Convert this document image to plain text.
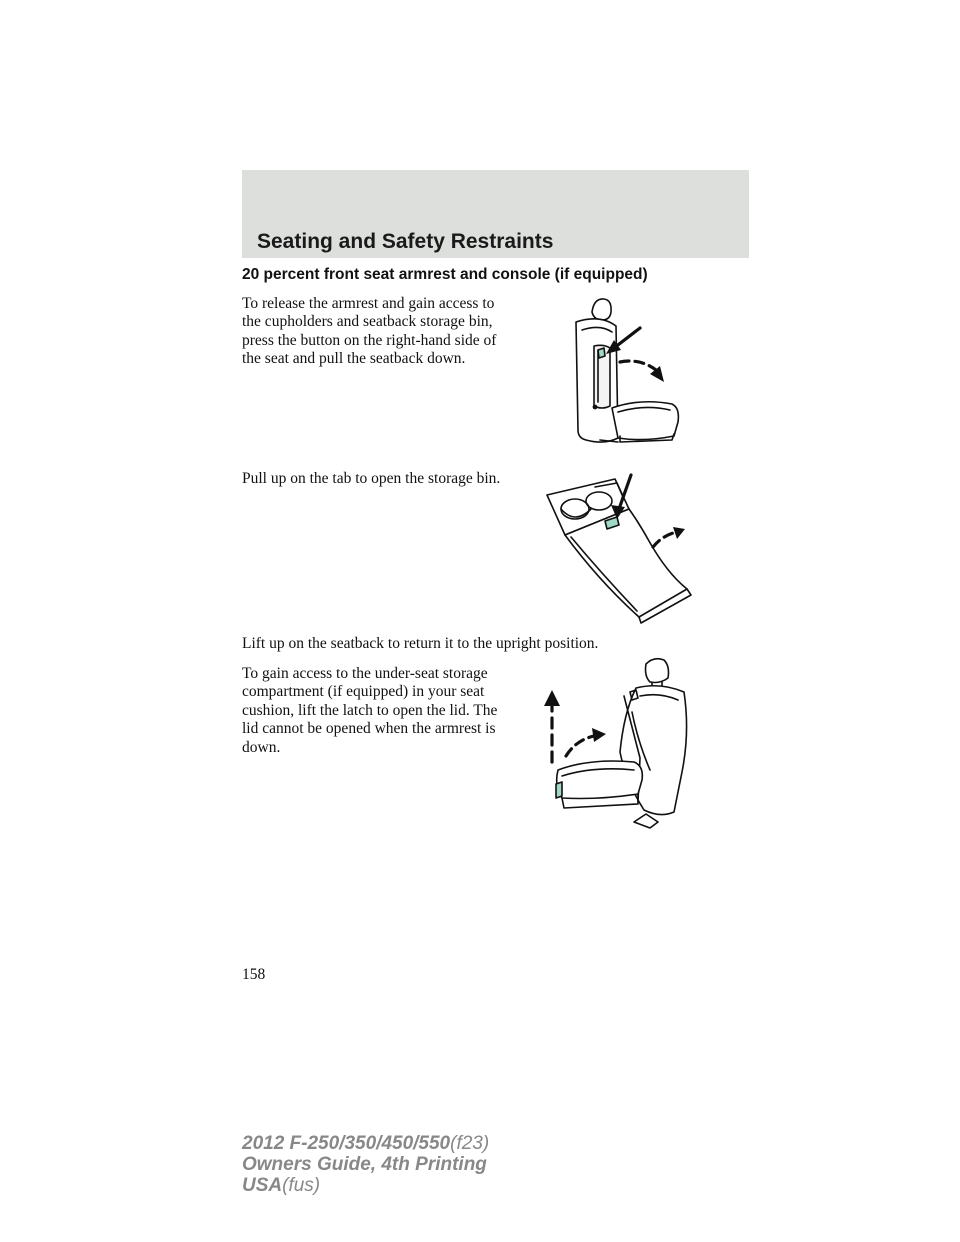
Seating and Safety Restraints
20 percent front seat armrest and console (if equipped)
To release the armrest and gain access to the cupholders and seatback storage bin, press the button on the right-hand side of the seat and pull the seatback down.
Pull up on the tab to open the storage bin.
Lift up on the seatback to return it to the upright position.
To gain access to the under-seat storage compartment (if equipped) in your seat cushion, lift the latch to open the lid. The lid cannot be opened when the armrest is down.
158
2012 F-250/350/450/550(f23)
Owners Guide, 4th Printing
USA(fus)
